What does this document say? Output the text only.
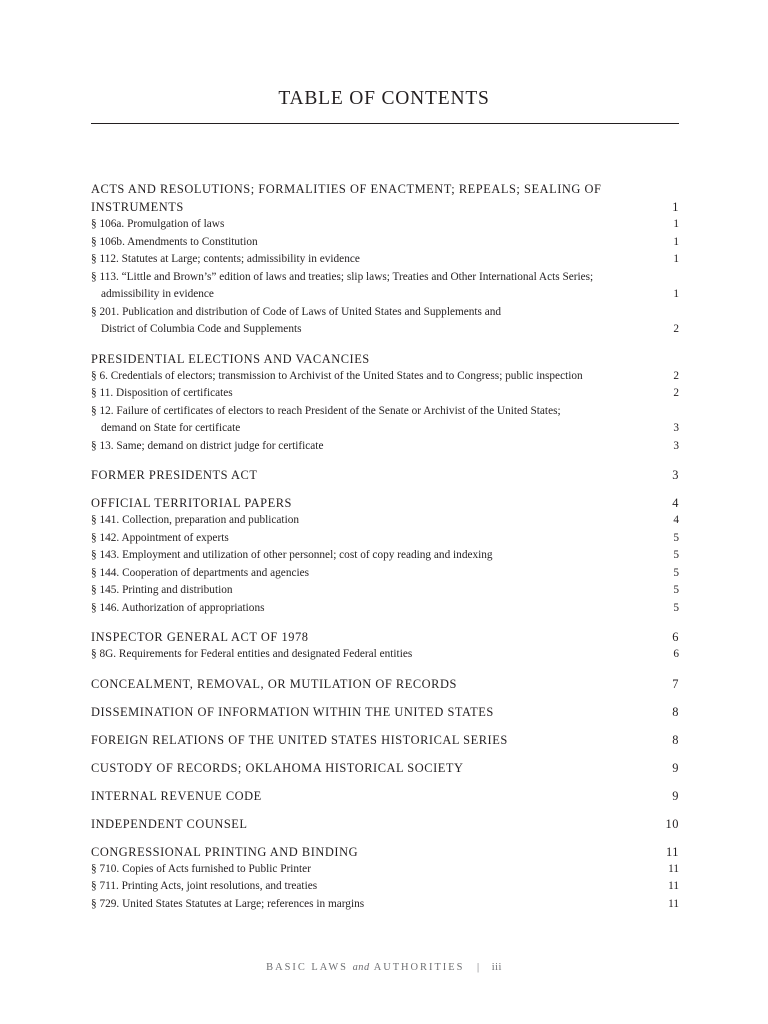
TABLE OF CONTENTS
ACTS AND RESOLUTIONS; FORMALITIES OF ENACTMENT; REPEALS; SEALING OF INSTRUMENTS	1
§ 106a. Promulgation of laws	1
§ 106b. Amendments to Constitution	1
§ 112. Statutes at Large; contents; admissibility in evidence	1
§ 113. “Little and Brown’s” edition of laws and treaties; slip laws; Treaties and Other International Acts Series;
admissibility in evidence	1
§ 201. Publication and distribution of Code of Laws of United States and Supplements and
District of Columbia Code and Supplements	2
PRESIDENTIAL ELECTIONS AND VACANCIES
§ 6. Credentials of electors; transmission to Archivist of the United States and to Congress; public inspection	2
§ 11. Disposition of certificates	2
§ 12. Failure of certificates of electors to reach President of the Senate or Archivist of the United States;
demand on State for certificate	3
§ 13. Same; demand on district judge for certificate	3
FORMER PRESIDENTS ACT	3
OFFICIAL TERRITORIAL PAPERS	4
§ 141. Collection, preparation and publication	4
§ 142. Appointment of experts	5
§ 143. Employment and utilization of other personnel; cost of copy reading and indexing	5
§ 144. Cooperation of departments and agencies	5
§ 145. Printing and distribution	5
§ 146. Authorization of appropriations	5
INSPECTOR GENERAL ACT OF 1978	6
§ 8G. Requirements for Federal entities and designated Federal entities	6
CONCEALMENT, REMOVAL, OR MUTILATION OF RECORDS	7
DISSEMINATION OF INFORMATION WITHIN THE UNITED STATES	8
FOREIGN RELATIONS OF THE UNITED STATES HISTORICAL SERIES	8
CUSTODY OF RECORDS; OKLAHOMA HISTORICAL SOCIETY	9
INTERNAL REVENUE CODE	9
INDEPENDENT COUNSEL	10
CONGRESSIONAL PRINTING AND BINDING	11
§ 710. Copies of Acts furnished to Public Printer	11
§ 711. Printing Acts, joint resolutions, and treaties	11
§ 729. United States Statutes at Large; references in margins	11
BASIC LAWS and AUTHORITIES | iii
